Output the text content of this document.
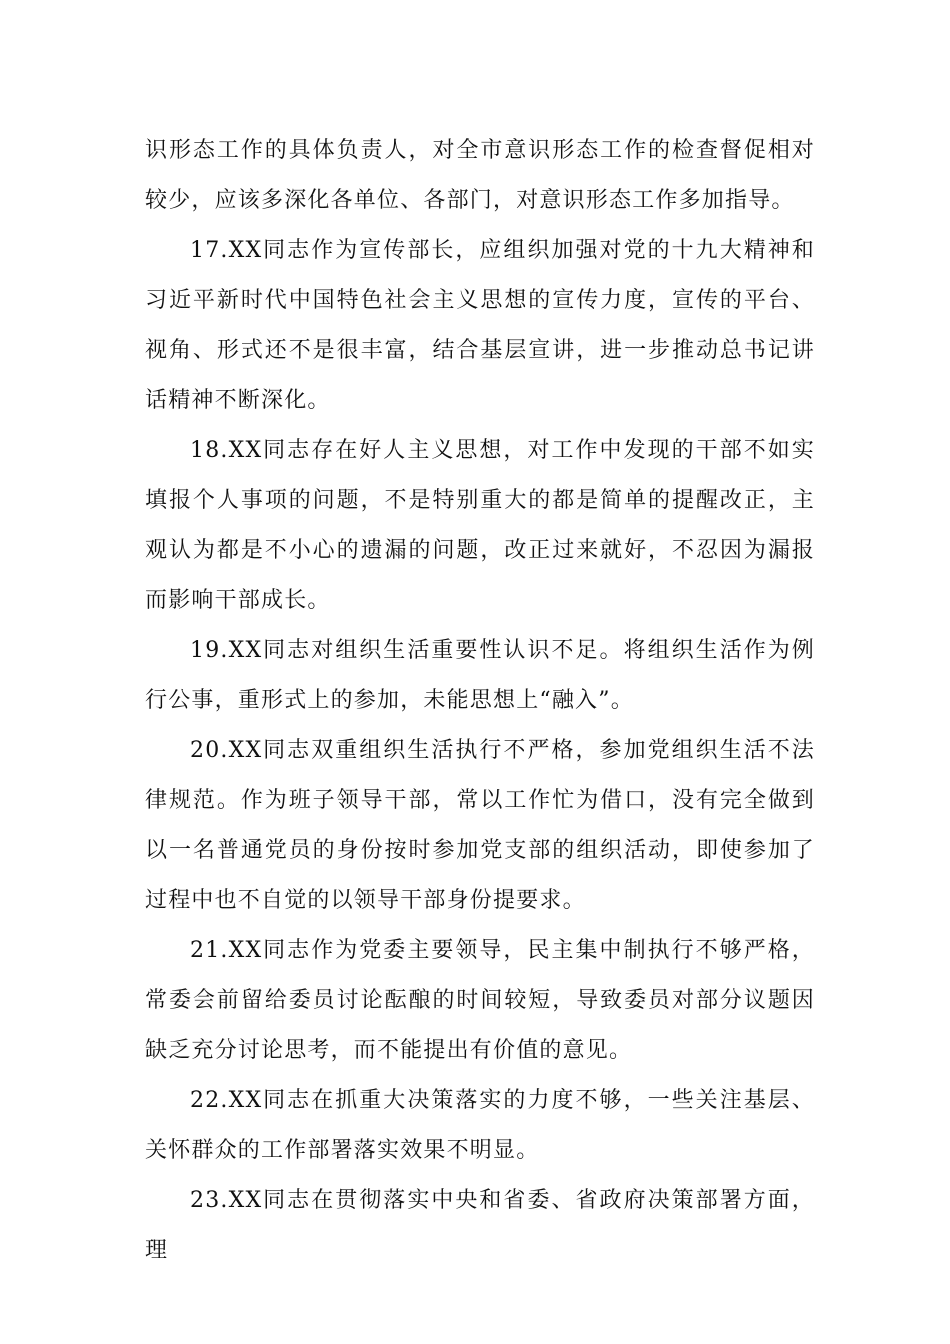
识形态工作的具体负责人，对全市意识形态工作的检查督促相对较少，应该多深化各单位、各部门，对意识形态工作多加指导。

17.XX同志作为宣传部长，应组织加强对党的十九大精神和习近平新时代中国特色社会主义思想的宣传力度，宣传的平台、视角、形式还不是很丰富，结合基层宣讲，进一步推动总书记讲话精神不断深化。

18.XX同志存在好人主义思想，对工作中发现的干部不如实填报个人事项的问题，不是特别重大的都是简单的提醒改正，主观认为都是不小心的遗漏的问题，改正过来就好，不忍因为漏报而影响干部成长。

19.XX同志对组织生活重要性认识不足。将组织生活作为例行公事，重形式上的参加，未能思想上“融入”。

20.XX同志双重组织生活执行不严格，参加党组织生活不法律规范。作为班子领导干部，常以工作忙为借口，没有完全做到以一名普通党员的身份按时参加党支部的组织活动，即使参加了过程中也不自觉的以领导干部身份提要求。

21.XX同志作为党委主要领导，民主集中制执行不够严格，常委会前留给委员讨论酝酿的时间较短，导致委员对部分议题因缺乏充分讨论思考，而不能提出有价值的意见。

22.XX同志在抓重大决策落实的力度不够，一些关注基层、关怀群众的工作部署落实效果不明显。

23.XX同志在贯彻落实中央和省委、省政府决策部署方面，理
